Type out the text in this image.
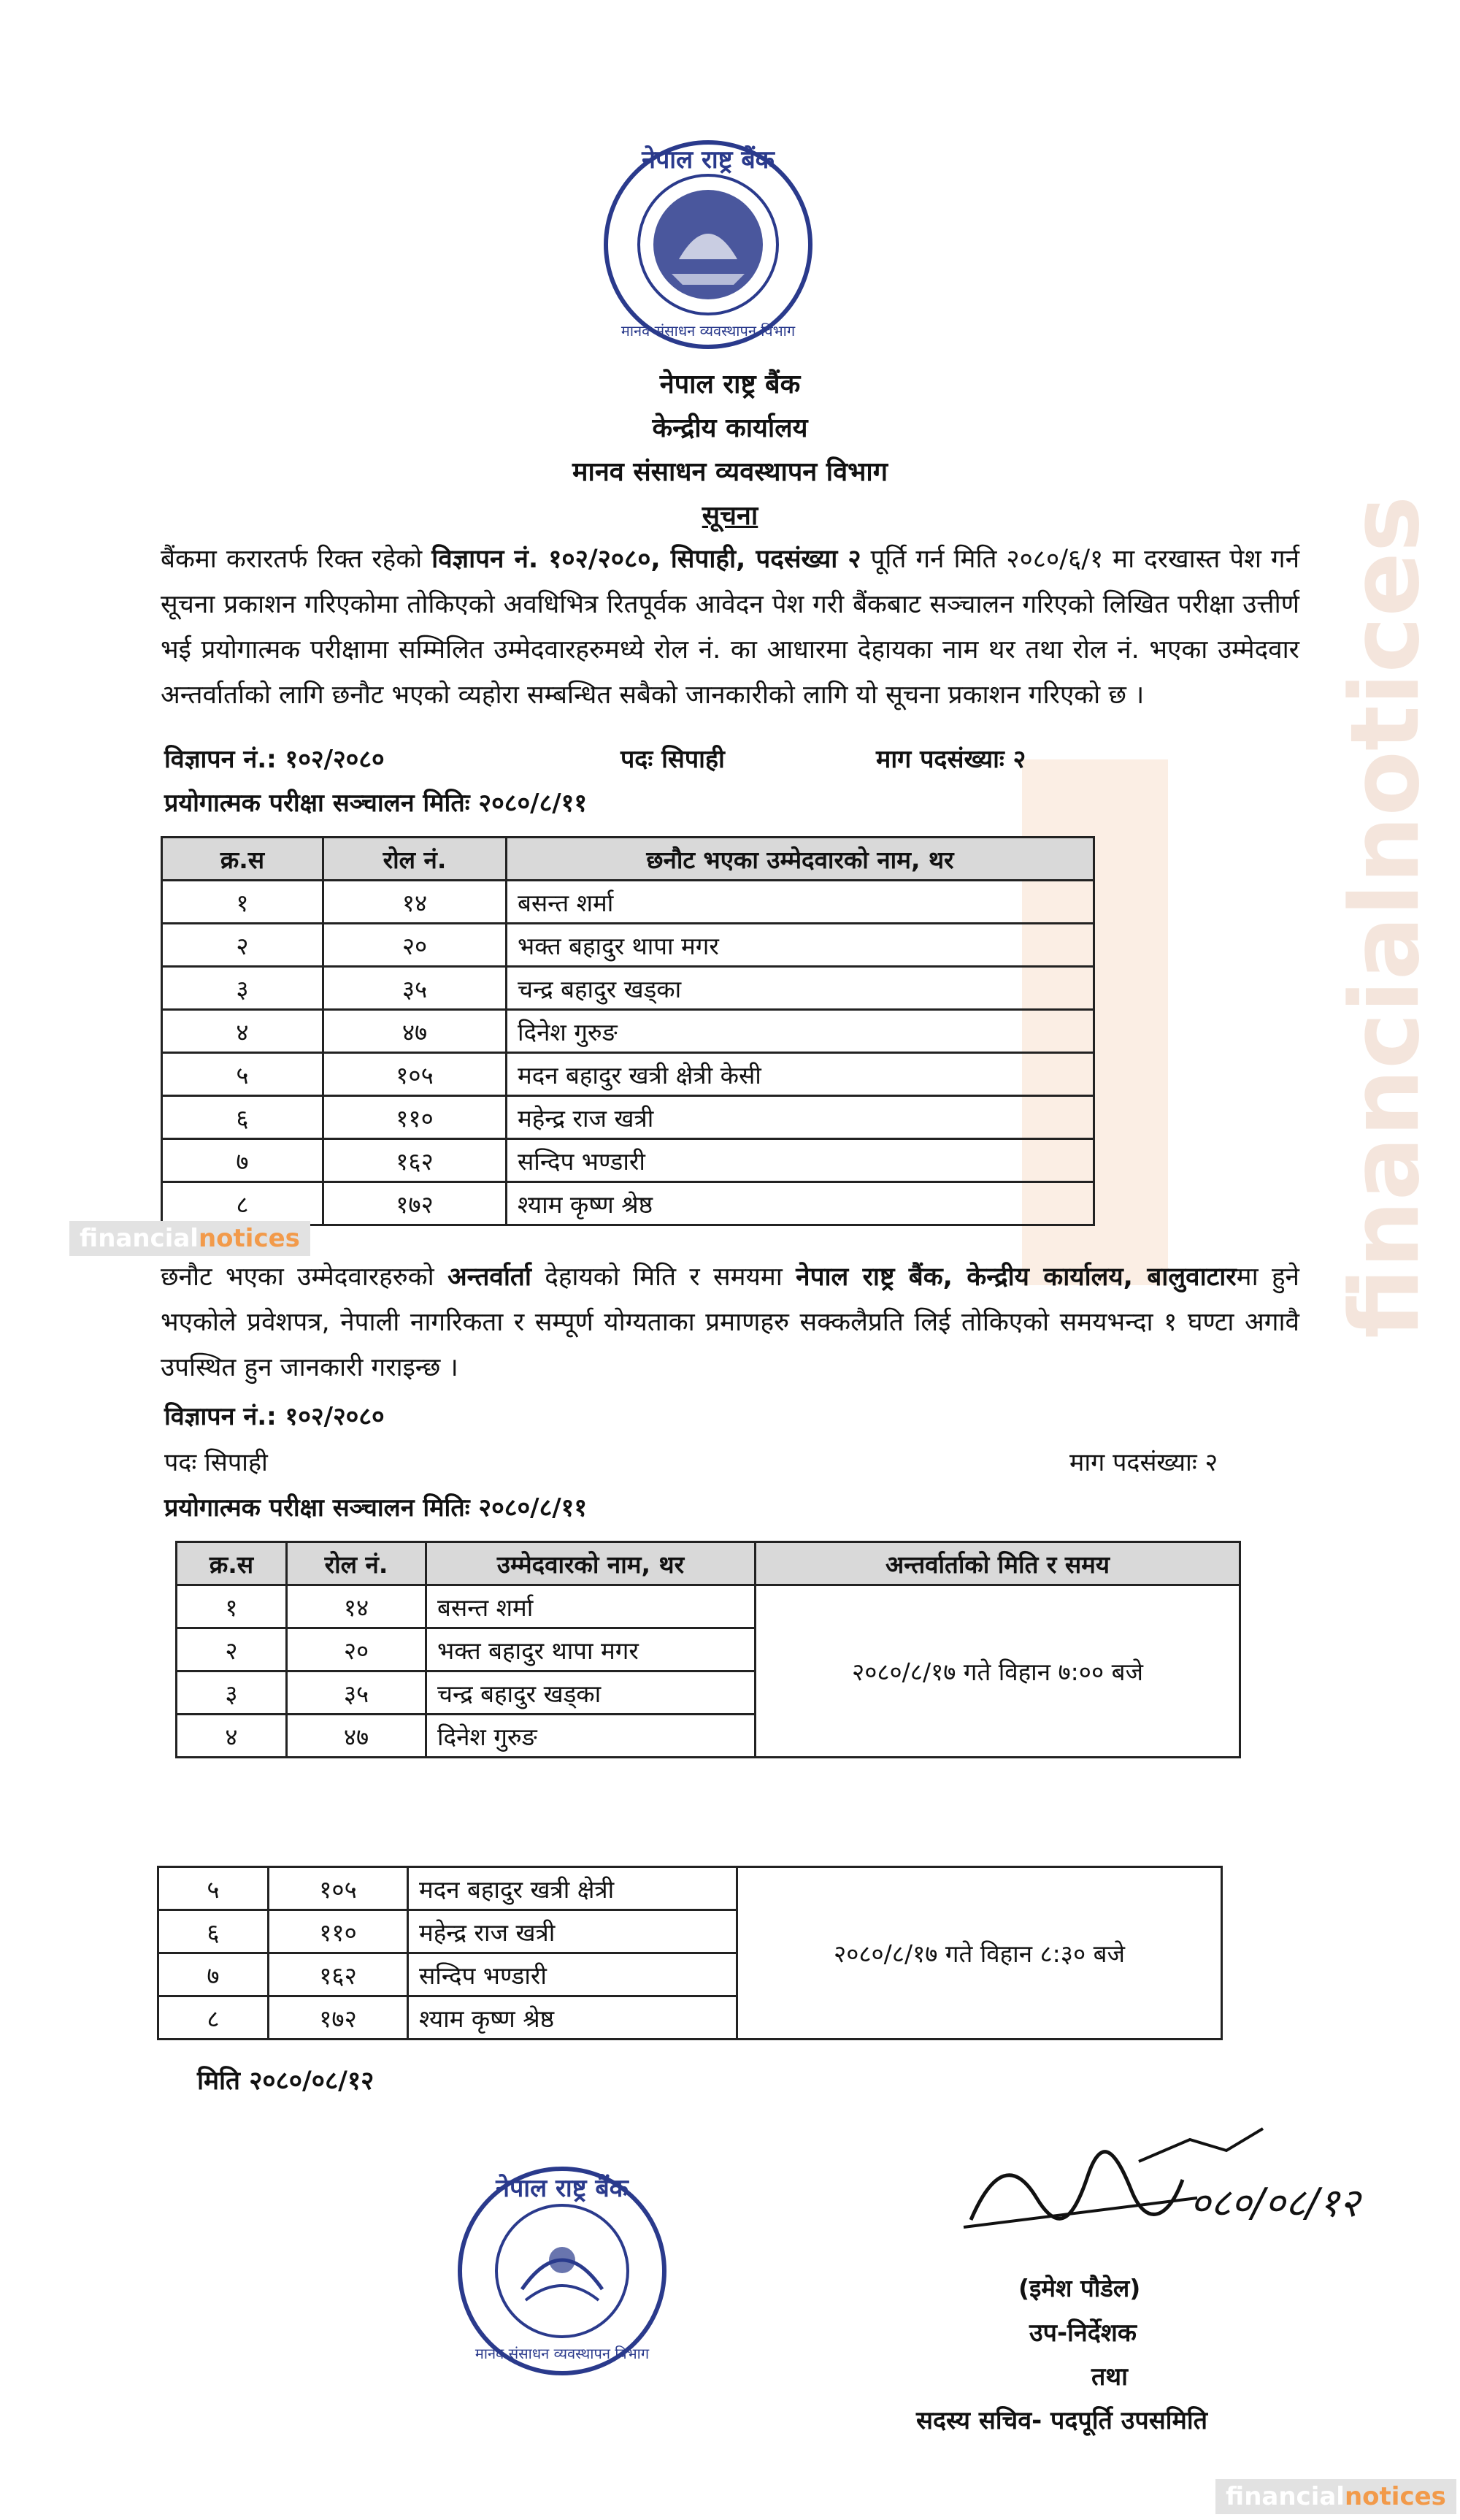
financialnotices
नेपाल राष्ट्र बैंक
मानव संसाधन व्यवस्थापन विभाग
नेपाल राष्ट्र बैंक
केन्द्रीय कार्यालय
मानव संसाधन व्यवस्थापन विभाग
सूचना
बैंकमा करारतर्फ रिक्त रहेको विज्ञापन नं. १०२/२०८०, सिपाही, पदसंख्या २ पूर्ति गर्न मिति २०८०/६/१ मा दरखास्त पेश गर्न सूचना प्रकाशन गरिएकोमा तोकिएको अवधिभित्र रितपूर्वक आवेदन पेश गरी बैंकबाट सञ्चालन गरिएको लिखित परीक्षा उत्तीर्ण भई प्रयोगात्मक परीक्षामा सम्मिलित उम्मेदवारहरुमध्ये रोल नं. का आधारमा देहायका नाम थर तथा रोल नं. भएका उम्मेदवार अन्तर्वार्ताको लागि छनौट भएको व्यहोरा सम्बन्धित सबैको जानकारीको लागि यो सूचना प्रकाशन गरिएको छ ।
विज्ञापन नं.: १०२/२०८०	पदः सिपाही	माग पदसंख्याः २
प्रयोगात्मक परीक्षा सञ्चालन मितिः २०८०/८/११
क्र.स	रोल नं.	छनौट भएका उम्मेदवारको नाम, थर
१	१४	बसन्त शर्मा
२	२०	भक्त बहादुर थापा मगर
३	३५	चन्द्र बहादुर खड्का
४	४७	दिनेश गुरुङ
५	१०५	मदन बहादुर खत्री क्षेत्री केसी
६	११०	महेन्द्र राज खत्री
७	१६२	सन्दिप भण्डारी
८	१७२	श्याम कृष्ण श्रेष्ठ
financialnotices
छनौट भएका उम्मेदवारहरुको अन्तर्वार्ता देहायको मिति र समयमा नेपाल राष्ट्र बैंक, केन्द्रीय कार्यालय, बालुवाटारमा हुने भएकोले प्रवेशपत्र, नेपाली नागरिकता र सम्पूर्ण योग्यताका प्रमाणहरु सक्कलैप्रति लिई तोकिएको समयभन्दा १ घण्टा अगावै उपस्थित हुन जानकारी गराइन्छ ।
विज्ञापन नं.: १०२/२०८०
पदः सिपाही	माग पदसंख्याः २
प्रयोगात्मक परीक्षा सञ्चालन मितिः २०८०/८/११
क्र.स	रोल नं.	उम्मेदवारको नाम, थर	अन्तर्वार्ताको मिति र समय
१	१४	बसन्त शर्मा	२०८०/८/१७ गते विहान ७:०० बजे
२	२०	भक्त बहादुर थापा मगर	
३	३५	चन्द्र बहादुर खड्का	
४	४७	दिनेश गुरुङ	
५	१०५	मदन बहादुर खत्री क्षेत्री	२०८०/८/१७ गते विहान ८:३० बजे
६	११०	महेन्द्र राज खत्री	
७	१६२	सन्दिप भण्डारी	
८	१७२	श्याम कृष्ण श्रेष्ठ	
मिति २०८०/०८/१२
नेपाल राष्ट्र बैंक
मानव संसाधन व्यवस्थापन विभाग
०८०/०८/१२
(इमेश पौडेल)
उप-निर्देशक
तथा
सदस्य सचिव- पदपूर्ति उपसमिति
financialnotices
